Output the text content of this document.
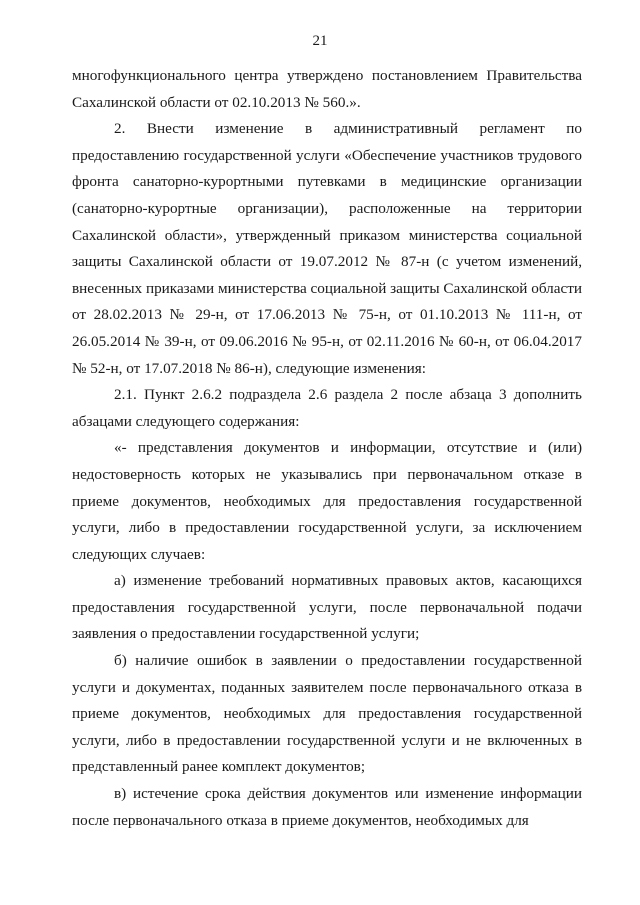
21

многофункционального центра утверждено постановлением Правительства Сахалинской области от 02.10.2013 № 560.».

2. Внести изменение в административный регламент по предоставлению государственной услуги «Обеспечение участников трудового фронта санаторно-курортными путевками в медицинские организации (санаторно-курортные организации), расположенные на территории Сахалинской области», утвержденный приказом министерства социальной защиты Сахалинской области от 19.07.2012 № 87-н (с учетом изменений, внесенных приказами министерства социальной защиты Сахалинской области от 28.02.2013 № 29-н, от 17.06.2013 № 75-н, от 01.10.2013 № 111-н, от 26.05.2014 № 39-н, от 09.06.2016 № 95-н, от 02.11.2016 № 60-н, от 06.04.2017 № 52-н, от 17.07.2018 № 86-н), следующие изменения:

2.1. Пункт 2.6.2 подраздела 2.6 раздела 2 после абзаца 3 дополнить абзацами следующего содержания:

«- представления документов и информации, отсутствие и (или) недостоверность которых не указывались при первоначальном отказе в приеме документов, необходимых для предоставления государственной услуги, либо в предоставлении государственной услуги, за исключением следующих случаев:

а) изменение требований нормативных правовых актов, касающихся предоставления государственной услуги, после первоначальной подачи заявления о предоставлении государственной услуги;

б) наличие ошибок в заявлении о предоставлении государственной услуги и документах, поданных заявителем после первоначального отказа в приеме документов, необходимых для предоставления государственной услуги, либо в предоставлении государственной услуги и не включенных в представленный ранее комплект документов;

в) истечение срока действия документов или изменение информации после первоначального отказа в приеме документов, необходимых для
